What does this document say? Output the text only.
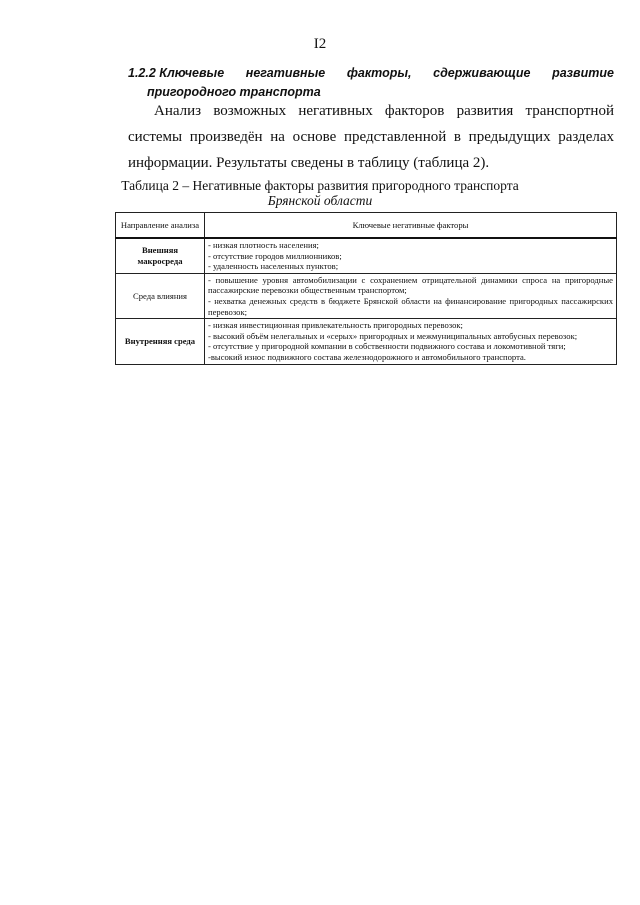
I2
1.2.2 Ключевые негативные факторы, сдерживающие развитие
пригородного транспорта
Анализ возможных негативных факторов развития транспортной
системы произведён на основе представленной в предыдущих разделах
информации. Результаты сведены в таблицу (таблица 2).
Таблица 2 – Негативные факторы развития пригородного транспорта
Брянской области
Направление анализа	Ключевые негативные факторы
Внешняя макросреда	- низкая плотность населения;
- отсутствие городов миллионников;
- удаленность населенных пунктов;

Среда влияния	- повышение уровня автомобилизации с сохранением отрицательной динамики спроса на пригородные пассажирские перевозки общественным транспортом;
- нехватка денежных средств в бюджете Брянской области на финансирование пригородных пассажирских перевозок;

Внутренняя среда	- низкая инвестиционная привлекательность пригородных перевозок;
- высокий объём нелегальных и «серых» пригородных и межмуниципальных автобусных перевозок;
- отсутствие у пригородной компании в собственности подвижного состава и локомотивной тяги;
-высокий износ подвижного состава железнодорожного и автомобильного транспорта.
